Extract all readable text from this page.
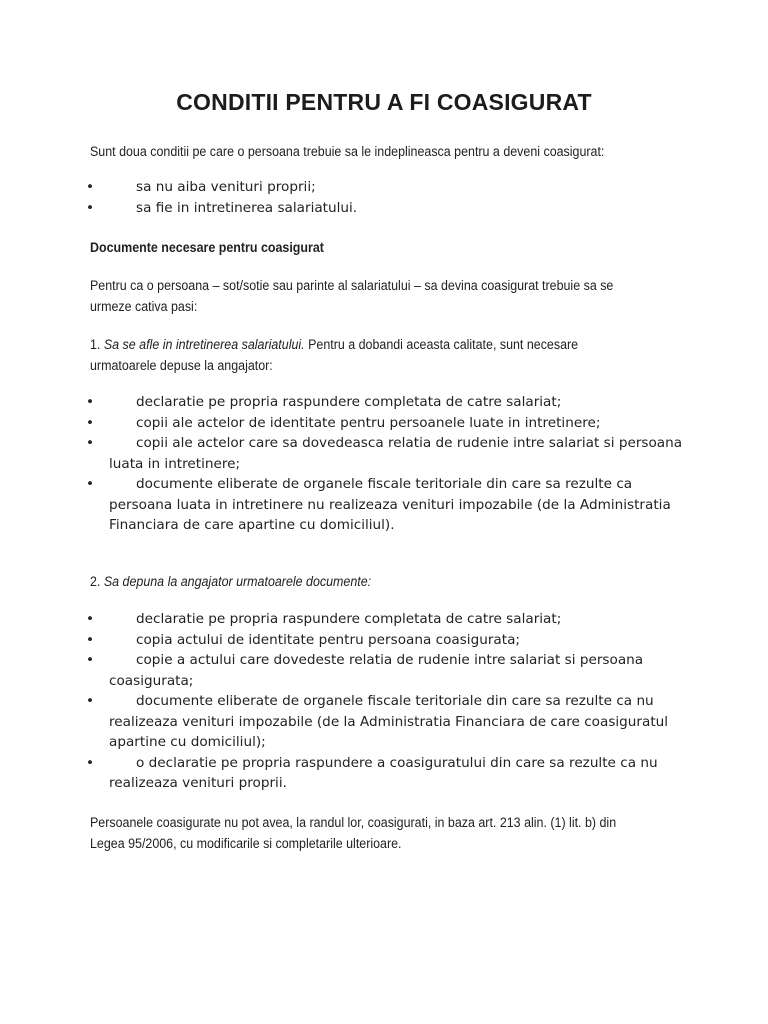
CONDITII PENTRU A FI COASIGURAT
Sunt doua conditii pe care o persoana trebuie sa le indeplineasca pentru a deveni coasigurat:
•	sa nu aiba venituri proprii;
•	sa fie in intretinerea salariatului.
Documente necesare pentru coasigurat
Pentru ca o persoana – sot/sotie sau parinte al salariatului – sa devina coasigurat trebuie sa se
urmeze cativa pasi:
1. Sa se afle in intretinerea salariatului. Pentru a dobandi aceasta calitate, sunt necesare
urmatoarele depuse la angajator:
•	declaratie pe propria raspundere completata de catre salariat;
•	copii ale actelor de identitate pentru persoanele luate in intretinere;
•	copii ale actelor care sa dovedeasca relatia de rudenie intre salariat si persoana
luata in intretinere;
•	documente eliberate de organele fiscale teritoriale din care sa rezulte ca
persoana luata in intretinere nu realizeaza venituri impozabile (de la Administratia
Financiara de care apartine cu domiciliul).
2. Sa depuna la angajator urmatoarele documente:
•	declaratie pe propria raspundere completata de catre salariat;
•	copia actului de identitate pentru persoana coasigurata;
•	copie a actului care dovedeste relatia de rudenie intre salariat si persoana
coasigurata;
•	documente eliberate de organele fiscale teritoriale din care sa rezulte ca nu
realizeaza venituri impozabile (de la Administratia Financiara de care coasiguratul
apartine cu domiciliul);
•	o declaratie pe propria raspundere a coasiguratului din care sa rezulte ca nu
realizeaza venituri proprii.
Persoanele coasigurate nu pot avea, la randul lor, coasigurati, in baza art. 213 alin. (1) lit. b) din
Legea 95/2006, cu modificarile si completarile ulterioare.
